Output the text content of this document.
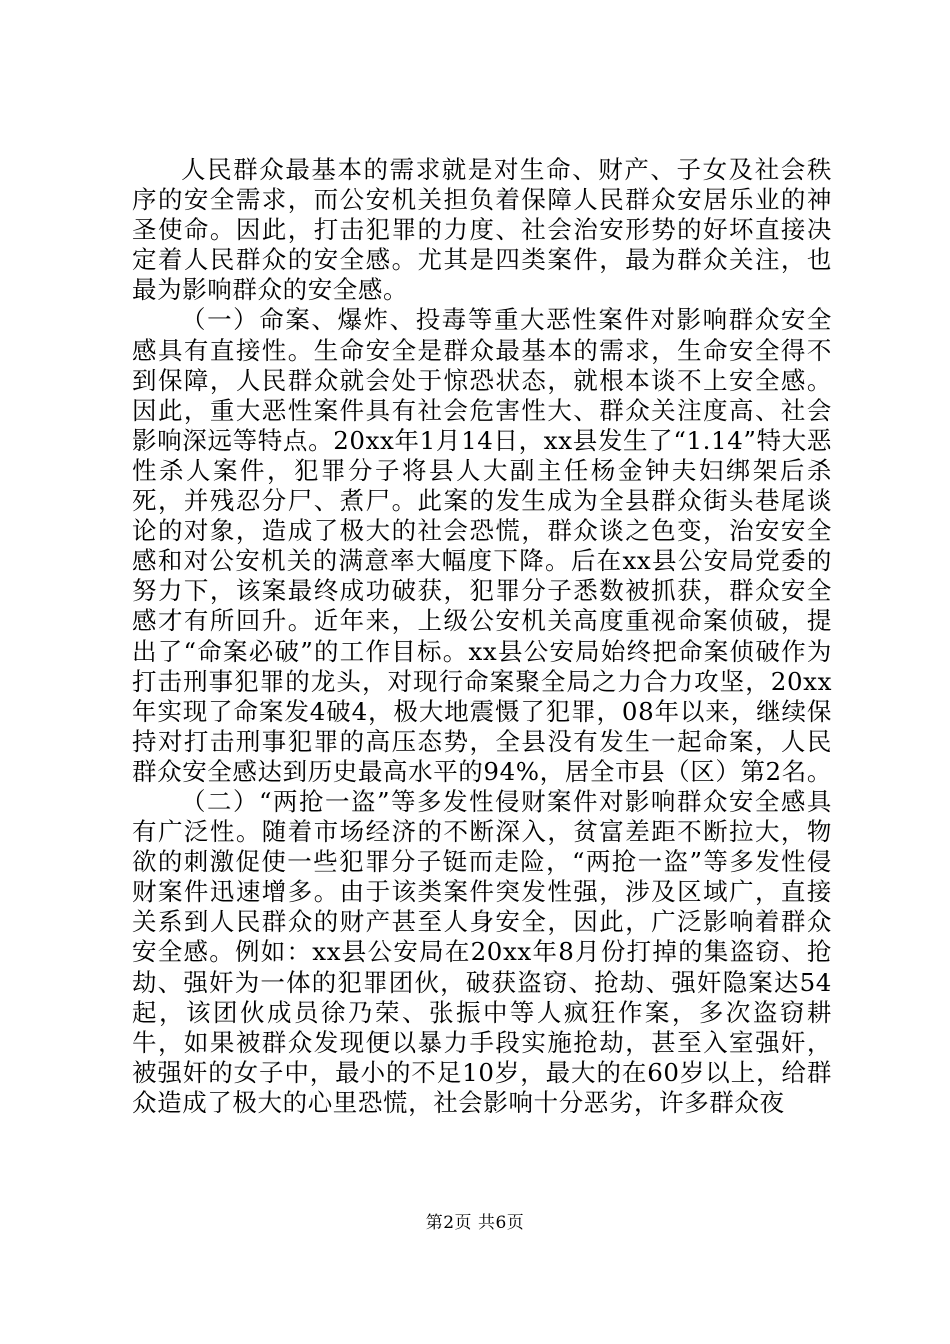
人民群众最基本的需求就是对生命、财产、子女及社会秩序的安全需求，而公安机关担负着保障人民群众安居乐业的神圣使命。因此，打击犯罪的力度、社会治安形势的好坏直接决定着人民群众的安全感。尤其是四类案件，最为群众关注，也最为影响群众的安全感。

（一）命案、爆炸、投毒等重大恶性案件对影响群众安全感具有直接性。生命安全是群众最基本的需求，生命安全得不到保障，人民群众就会处于惊恐状态，就根本谈不上安全感。因此，重大恶性案件具有社会危害性大、群众关注度高、社会影响深远等特点。20xx年1月14日，xx县发生了“1.14”特大恶性杀人案件，犯罪分子将县人大副主任杨金钟夫妇绑架后杀死，并残忍分尸、煮尸。此案的发生成为全县群众街头巷尾谈论的对象，造成了极大的社会恐慌，群众谈之色变，治安安全感和对公安机关的满意率大幅度下降。后在xx县公安局党委的努力下，该案最终成功破获，犯罪分子悉数被抓获，群众安全感才有所回升。近年来，上级公安机关高度重视命案侦破，提出了“命案必破”的工作目标。xx县公安局始终把命案侦破作为打击刑事犯罪的龙头，对现行命案聚全局之力合力攻坚，20xx年实现了命案发4破4，极大地震慑了犯罪，08年以来，继续保持对打击刑事犯罪的高压态势，全县没有发生一起命案，人民群众安全感达到历史最高水平的94%，居全市县（区）第2名。

（二）“两抢一盗”等多发性侵财案件对影响群众安全感具有广泛性。随着市场经济的不断深入，贫富差距不断拉大，物欲的刺激促使一些犯罪分子铤而走险，“两抢一盗”等多发性侵财案件迅速增多。由于该类案件突发性强，涉及区域广，直接关系到人民群众的财产甚至人身安全，因此，广泛影响着群众安全感。例如：xx县公安局在20xx年8月份打掉的集盗窃、抢劫、强奸为一体的犯罪团伙，破获盗窃、抢劫、强奸隐案达54起，该团伙成员徐乃荣、张振中等人疯狂作案，多次盗窃耕牛，如果被群众发现便以暴力手段实施抢劫，甚至入室强奸，被强奸的女子中，最小的不足10岁，最大的在60岁以上，给群众造成了极大的心里恐慌，社会影响十分恶劣，许多群众夜

第2页 共6页
